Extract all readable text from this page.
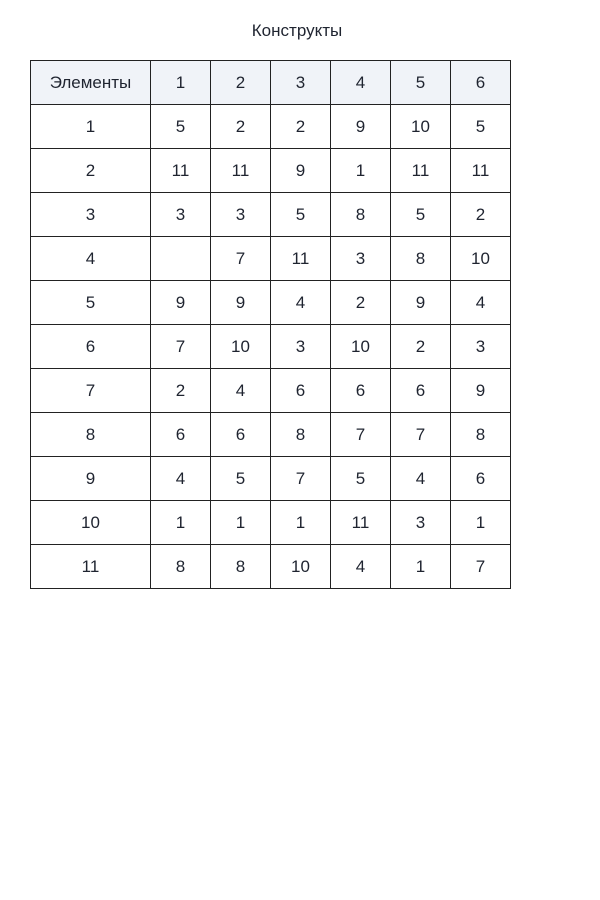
Конструкты
Элементы	1	2	3	4	5	6
1	5	2	2	9	10	5
2	11	11	9	1	11	11
3	3	3	5	8	5	2
4		7	11	3	8	10
5	9	9	4	2	9	4
6	7	10	3	10	2	3
7	2	4	6	6	6	9
8	6	6	8	7	7	8
9	4	5	7	5	4	6
10	1	1	1	11	3	1
11	8	8	10	4	1	7
